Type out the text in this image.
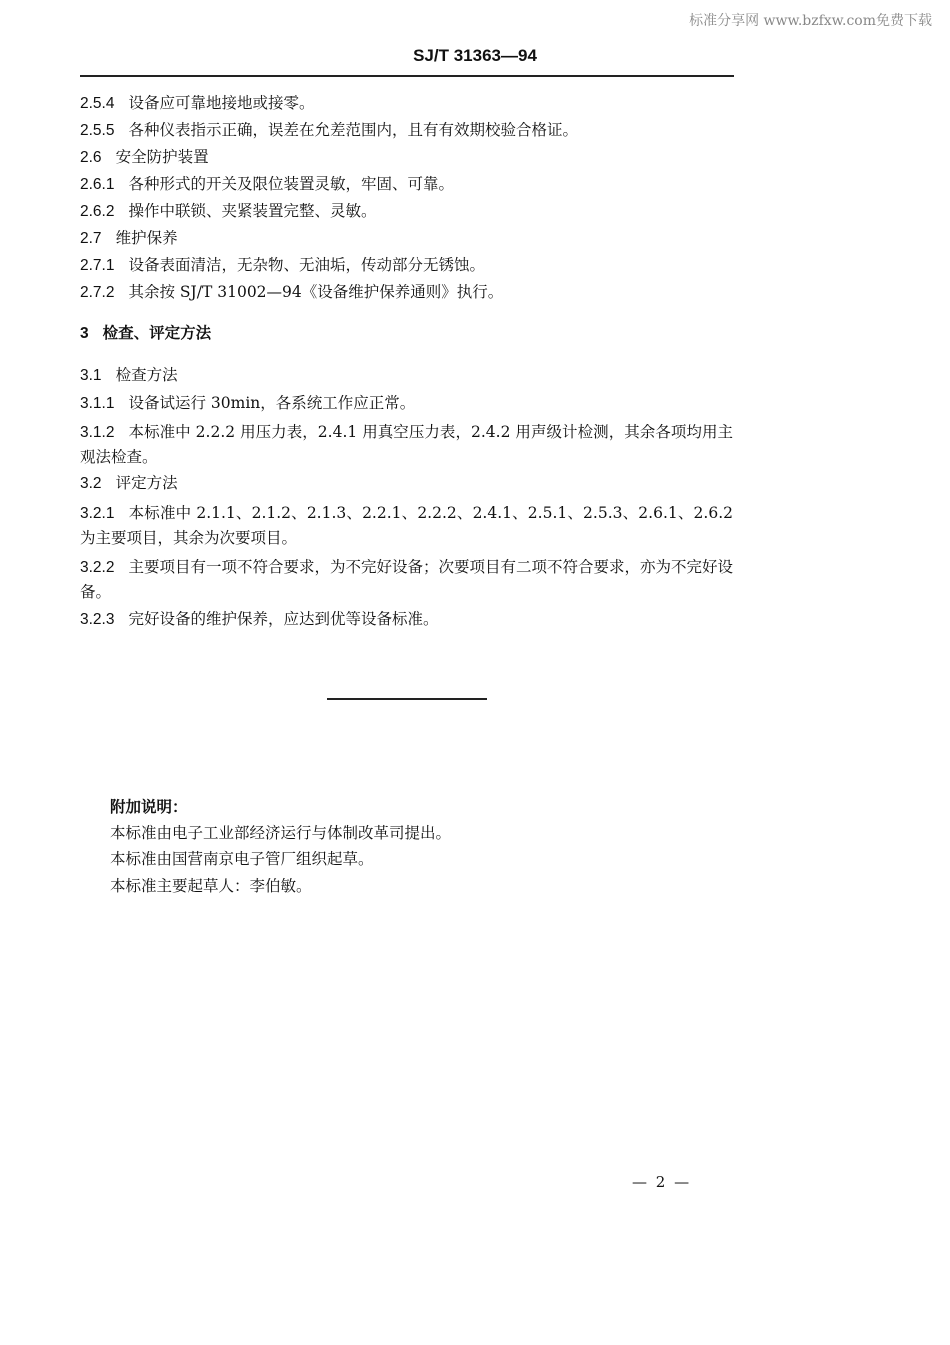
标准分享网 www.bzfxw.com免费下载
SJ/T 31363—94
2.5.4 设备应可靠地接地或接零。
2.5.5 各种仪表指示正确，误差在允差范围内，且有有效期校验合格证。
2.6 安全防护装置
2.6.1 各种形式的开关及限位装置灵敏，牢固、可靠。
2.6.2 操作中联锁、夹紧装置完整、灵敏。
2.7 维护保养
2.7.1 设备表面清洁，无杂物、无油垢，传动部分无锈蚀。
2.7.2 其余按 SJ/T 31002—94《设备维护保养通则》执行。
3 检查、评定方法
3.1 检查方法
3.1.1 设备试运行 30min，各系统工作应正常。
3.1.2 本标准中 2.2.2 用压力表，2.4.1 用真空压力表，2.4.2 用声级计检测，其余各项均用主观法检查。
3.2 评定方法
3.2.1 本标准中 2.1.1、2.1.2、2.1.3、2.2.1、2.2.2、2.4.1、2.5.1、2.5.3、2.6.1、2.6.2 为主要项目，其余为次要项目。
3.2.2 主要项目有一项不符合要求，为不完好设备；次要项目有二项不符合要求，亦为不完好设备。
3.2.3 完好设备的维护保养，应达到优等设备标准。
附加说明：
本标准由电子工业部经济运行与体制改革司提出。
本标准由国营南京电子管厂组织起草。
本标准主要起草人：李伯敏。
— 2 —
